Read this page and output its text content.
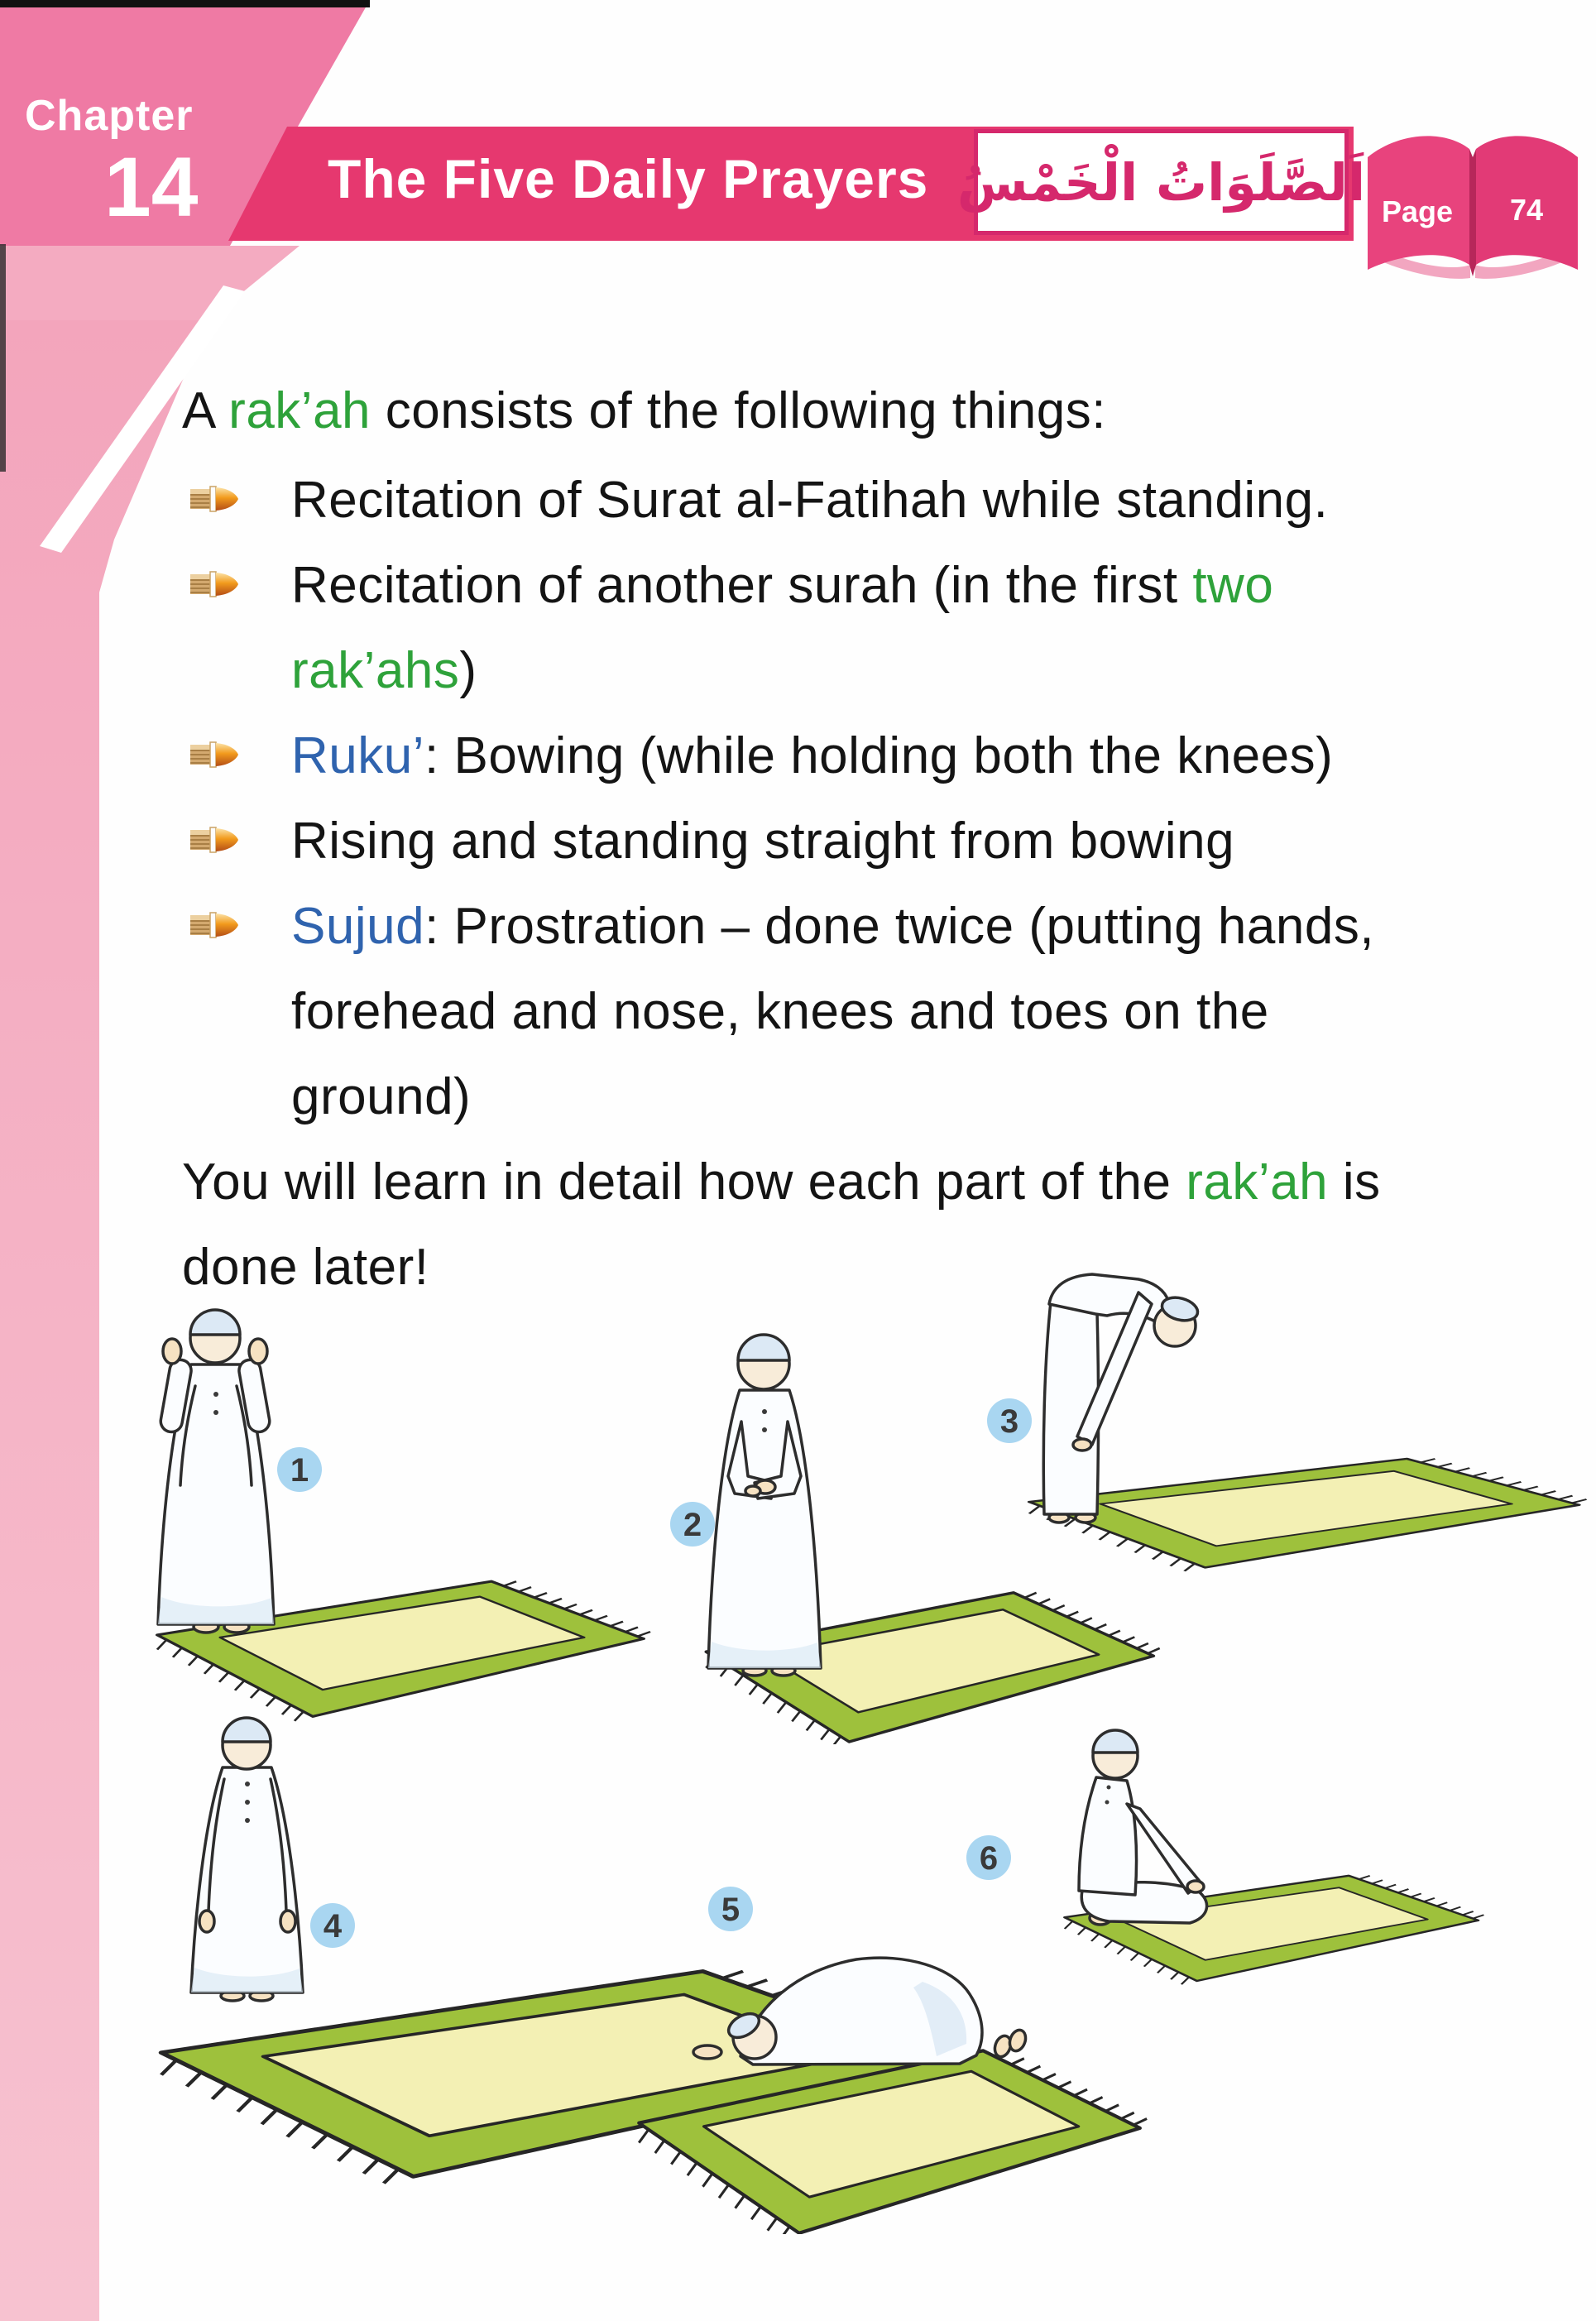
Chapter
14 The Five Daily Prayers اَلصَّلَوَاتُ الْخَمْسُ Page 74
A rak’ah consists of the following things:
Recitation of Surat al-Fatihah while standing.
Recitation of another surah (in the first two
rak’ahs)
Ruku’: Bowing (while holding both the knees)
Rising and standing straight from bowing
Sujud: Prostration – done twice (putting hands,
forehead and nose, knees and toes on the
ground)
You will learn in detail how each part of the rak’ah is
done later!
1
2
3
4	5
6
